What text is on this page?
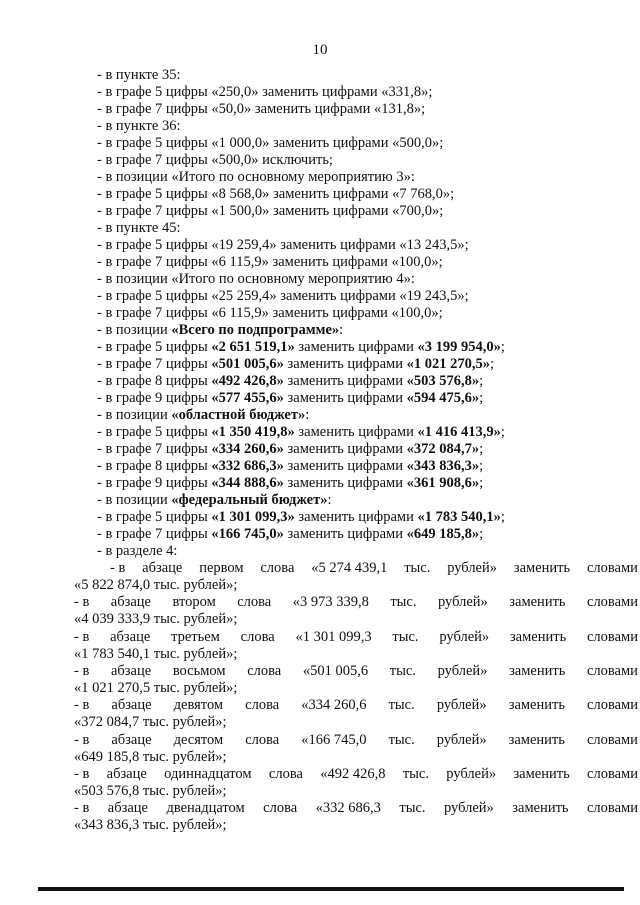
10
- в пункте 35:
- в графе 5 цифры «250,0» заменить цифрами «331,8»;
- в графе 7 цифры «50,0» заменить цифрами «131,8»;
- в пункте 36:
- в графе 5 цифры «1 000,0» заменить цифрами «500,0»;
- в графе 7 цифры «500,0» исключить;
- в позиции «Итого по основному мероприятию 3»:
- в графе 5 цифры «8 568,0» заменить цифрами «7 768,0»;
- в графе 7 цифры «1 500,0» заменить цифрами «700,0»;
- в пункте 45:
- в графе 5 цифры «19 259,4» заменить цифрами «13 243,5»;
- в графе 7 цифры «6 115,9» заменить цифрами «100,0»;
- в позиции «Итого по основному мероприятию 4»:
- в графе 5 цифры «25 259,4» заменить цифрами «19 243,5»;
- в графе 7 цифры «6 115,9» заменить цифрами «100,0»;
- в позиции «Всего по подпрограмме»:
- в графе 5 цифры «2 651 519,1» заменить цифрами «3 199 954,0»;
- в графе 7 цифры «501 005,6» заменить цифрами «1 021 270,5»;
- в графе 8 цифры «492 426,8» заменить цифрами «503 576,8»;
- в графе 9 цифры «577 455,6» заменить цифрами «594 475,6»;
- в позиции «областной бюджет»:
- в графе 5 цифры «1 350 419,8» заменить цифрами «1 416 413,9»;
- в графе 7 цифры «334 260,6» заменить цифрами «372 084,7»;
- в графе 8 цифры «332 686,3» заменить цифрами «343 836,3»;
- в графе 9 цифры «344 888,6» заменить цифрами «361 908,6»;
- в позиции «федеральный бюджет»:
- в графе 5 цифры «1 301 099,3» заменить цифрами «1 783 540,1»;
- в графе 7 цифры «166 745,0» заменить цифрами «649 185,8»;
- в разделе 4:
- в абзаце первом слова «5 274 439,1 тыс. рублей» заменить словами
«5 822 874,0 тыс. рублей»;
- в абзаце втором слова «3 973 339,8 тыс. рублей» заменить словами
«4 039 333,9 тыс. рублей»;
- в абзаце третьем слова «1 301 099,3 тыс. рублей» заменить словами
«1 783 540,1 тыс. рублей»;
- в абзаце восьмом слова «501 005,6 тыс. рублей» заменить словами
«1 021 270,5 тыс. рублей»;
- в абзаце девятом слова «334 260,6 тыс. рублей» заменить словами
«372 084,7 тыс. рублей»;
- в абзаце десятом слова «166 745,0 тыс. рублей» заменить словами
«649 185,8 тыс. рублей»;
- в абзаце одиннадцатом слова «492 426,8 тыс. рублей» заменить словами
«503 576,8 тыс. рублей»;
- в абзаце двенадцатом слова «332 686,3 тыс. рублей» заменить словами
«343 836,3 тыс. рублей»;
